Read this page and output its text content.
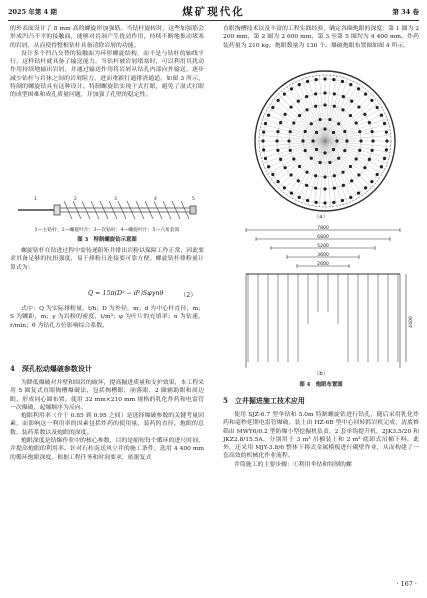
2025 年第 4 期	煤矿现代化	第 34 卷

的外表面设计了 8 mm 高的螺旋形加强筋。当钻杆旋转时，这些加强筋会形成凹凸不平的接触面，能够对岩洞产生扰动作用，持续不断地推动堵塞的岩屑，从而使得整根钻杆具备清除岩屑的功能。

设计多个凹凸交替的接触面为环形螺旋结构，而不是与钻杆的轴线平行，这样钻杆就具备了输送能力。当钻杆被岩屑堵塞时，可以利用其扰动作用持续地输出岩屑，并通过输送作用将岩屑从钻孔内部向外输送，逐步减少钻杆与岩体之间的岩屑阻力，进而重新打通排渣通道。如图 3 所示，特制的螺旋钻具有这种设计。特制螺旋钻实现干式打眼，避免了湿式打眼的成型困难和成孔质量问题，并加强了孔壁的稳定性。

1	2	3	4	5
1—主钻杆；2—螺旋叶片；3—次钻杆；4—螺旋叶片；5—六角套筒
图 3　特制螺旋钻示意图

螺旋钻杆在钻进过程中需传递阻矩并排出岩粉以保障工作正常，因此要求其备足够的抗扭强度，易于排粉且连接要可靠方便。螺旋钻杆排粉量计算式为：

Q = 15π(D² − d²)Sφγnθ	（2）

式中：Q 为实际排粉量，t/h；D 为外径，m；d 为中心杆直径，m；S 为螺距，m；γ 为岩粉的密度，t/m³；φ 为叶片的充填率；n 为钻速，r/min；θ 为钻孔方位影响综合系数。

4　深孔松动爆破参数设计

为降低爆破对井壁和围岩的破坏，提高掘进质量和支护效果，本工程采用 5 圈复式直眼掏槽爆破法，包括掏槽眼、崩落眼、2 圈辅助眼和周边眼，形成同心圆布置。使用 32 mm×210 mm 规格的乳化炸药和电雷管一次爆破，起爆顺序为反向。

炮眼利用率（介于 0.85 到 0.95 之间）是选择爆破参数的关键考量因素，而影响这一利用率的因素包括炸药的使用量、装药的直径、炮眼的总数、装药系数以及炮眼的深度。

炮眼深度是钻爆作业中的核心参数，目的是缩短每个循环的进尺时间，并提高炮眼的利用率。针对石柱南送风立井的施工条件，选用 4 400 mm 的循环炮眼深度。根据工程任务和时间要求，依据复式

直眼掏槽技术以及丰富的工程实践经验，确定各圈炮眼的深度：第 1 圈为 2 200 mm，第 2 圈为 2 600 mm，第 3 至第 5 圈均为 4 400 mm。炸药装药量为 210 kg，炮眼数量为 130 个。爆破炮眼布置图如图 4 所示。

（a）
7800
6800
5200
3600
2600
4400
（b）
图 4　炮眼布置图
5　立井掘进施工技术应用

使用 SJZ-6.7 型伞钻和 5.0m 特制螺旋钻进行钻孔，随后采用乳化炸药和毫秒延期电雷管爆破。装土由 HZ-6B 型中心回转抓岩机完成，清底修筛由 MWY6/0.2 型防爆小型挖掘机负责。2 套单钩提升机，2JK3.5/20 和 JKZ2.8/15.5A，分别用于 3 m³ 吊桶装土和 2 m³ 底卸式吊桶下料。此外，还采用 MJY-3.8/6 整体下移式金属模板进行砌壁作业，从而构建了一套高效的机械化作业流程。

井筒施工的主要步骤：①利用伞钻和特制的螺

· 167 ·
